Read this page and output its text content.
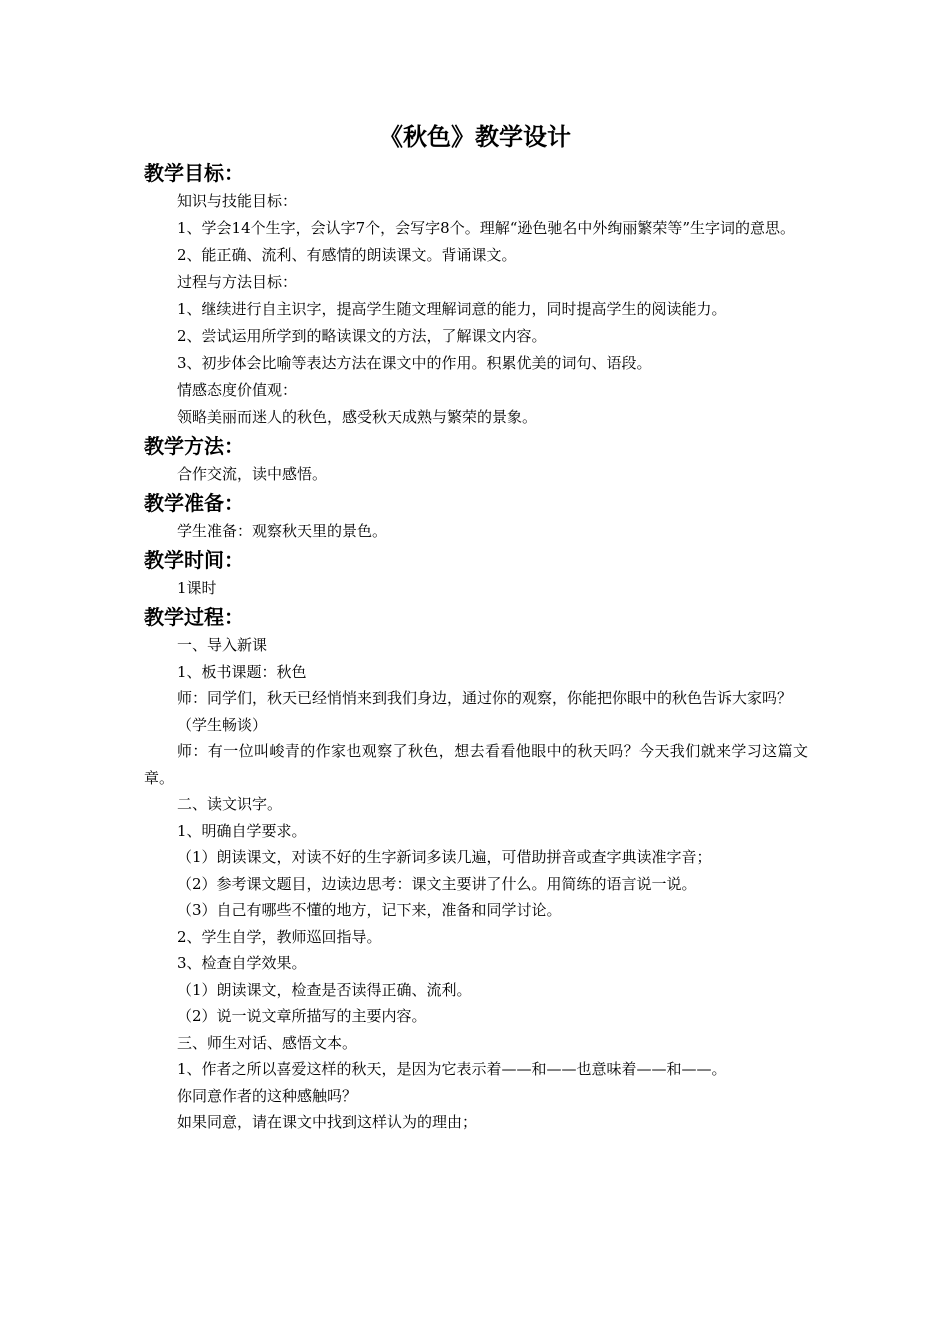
《秋色》教学设计

教学目标：

知识与技能目标：

1、学会14个生字，会认字7个，会写字8个。理解“逊色驰名中外绚丽繁荣等”生字词的意思。

2、能正确、流利、有感情的朗读课文。背诵课文。

过程与方法目标：

1、继续进行自主识字，提高学生随文理解词意的能力，同时提高学生的阅读能力。

2、尝试运用所学到的略读课文的方法，了解课文内容。

3、初步体会比喻等表达方法在课文中的作用。积累优美的词句、语段。

情感态度价值观：

领略美丽而迷人的秋色，感受秋天成熟与繁荣的景象。

教学方法：

合作交流，读中感悟。

教学准备：

学生准备：观察秋天里的景色。

教学时间：

1课时

教学过程：

一、导入新课

1、板书课题：秋色

师：同学们，秋天已经悄悄来到我们身边，通过你的观察，你能把你眼中的秋色告诉大家吗？

（学生畅谈）

师：有一位叫峻青的作家也观察了秋色，想去看看他眼中的秋天吗？今天我们就来学习这篇文章。

二、读文识字。

1、明确自学要求。

（1）朗读课文，对读不好的生字新词多读几遍，可借助拼音或查字典读准字音；

（2）参考课文题目，边读边思考：课文主要讲了什么。用简练的语言说一说。

（3）自己有哪些不懂的地方，记下来，准备和同学讨论。

2、学生自学，教师巡回指导。

3、检查自学效果。

（1）朗读课文，检查是否读得正确、流利。

（2）说一说文章所描写的主要内容。

三、师生对话、感悟文本。

1、作者之所以喜爱这样的秋天，是因为它表示着——和——也意味着——和——。

你同意作者的这种感触吗？

如果同意，请在课文中找到这样认为的理由；
